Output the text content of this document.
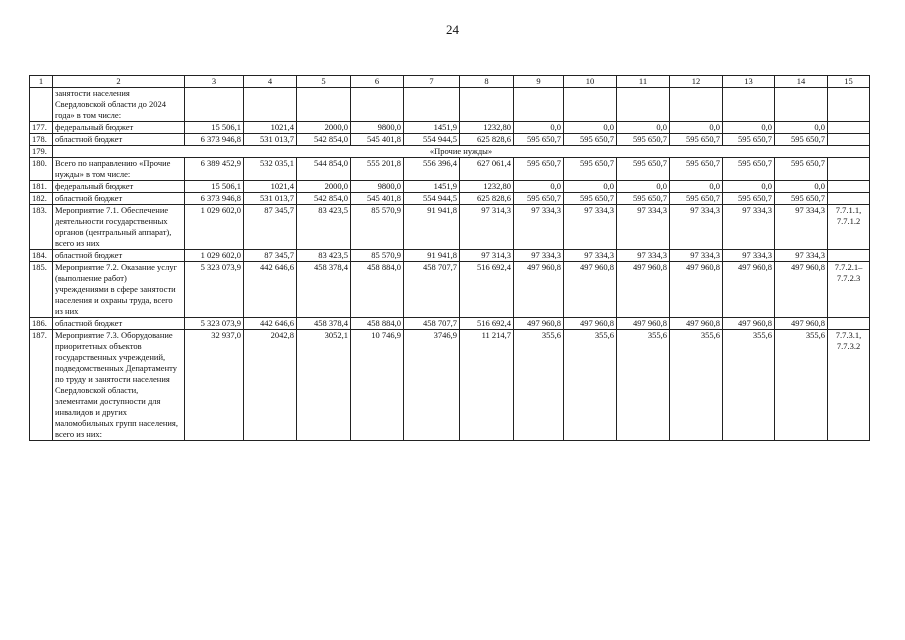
24
1	2	3	4	5	6	7	8	9	10	11	12	13	14	15
	занятости населения Свердловской области до 2024 года» в том числе:													
177.	федеральный бюджет	15 506,1	1021,4	2000,0	9800,0	1451,9	1232,80	0,0	0,0	0,0	0,0	0,0	0,0	
178.	областной бюджет	6 373 946,8	531 013,7	542 854,0	545 401,8	554 944,5	625 828,6	595 650,7	595 650,7	595 650,7	595 650,7	595 650,7	595 650,7	
179.	«Прочие нужды»													
180.	Всего по направлению «Прочие нужды» в том числе:	6 389 452,9	532 035,1	544 854,0	555 201,8	556 396,4	627 061,4	595 650,7	595 650,7	595 650,7	595 650,7	595 650,7	595 650,7	
181.	федеральный бюджет	15 506,1	1021,4	2000,0	9800,0	1451,9	1232,80	0,0	0,0	0,0	0,0	0,0	0,0	
182.	областной бюджет	6 373 946,8	531 013,7	542 854,0	545 401,8	554 944,5	625 828,6	595 650,7	595 650,7	595 650,7	595 650,7	595 650,7	595 650,7	
183.	Мероприятие 7.1. Обеспечение деятельности государственных органов (центральный аппарат), всего из них	1 029 602,0	87 345,7	83 423,5	85 570,9	91 941,8	97 314,3	97 334,3	97 334,3	97 334,3	97 334,3	97 334,3	97 334,3	7.7.1.1, 7.7.1.2
184.	областной бюджет	1 029 602,0	87 345,7	83 423,5	85 570,9	91 941,8	97 314,3	97 334,3	97 334,3	97 334,3	97 334,3	97 334,3	97 334,3	
185.	Мероприятие 7.2. Оказание услуг (выполнение работ) учреждениями в сфере занятости населения и охраны труда, всего из них	5 323 073,9	442 646,6	458 378,4	458 884,0	458 707,7	516 692,4	497 960,8	497 960,8	497 960,8	497 960,8	497 960,8	497 960,8	7.7.2.1– 7.7.2.3
186.	областной бюджет	5 323 073,9	442 646,6	458 378,4	458 884,0	458 707,7	516 692,4	497 960,8	497 960,8	497 960,8	497 960,8	497 960,8	497 960,8	
187.	Мероприятие 7.3. Оборудование приоритетных объектов государственных учреждений, подведомственных Департаменту по труду и занятости населения Свердловской области, элементами доступности для инвалидов и других маломобильных групп населения, всего из них:	32 937,0	2042,8	3052,1	10 746,9	3746,9	11 214,7	355,6	355,6	355,6	355,6	355,6	355,6	7.7.3.1, 7.7.3.2
